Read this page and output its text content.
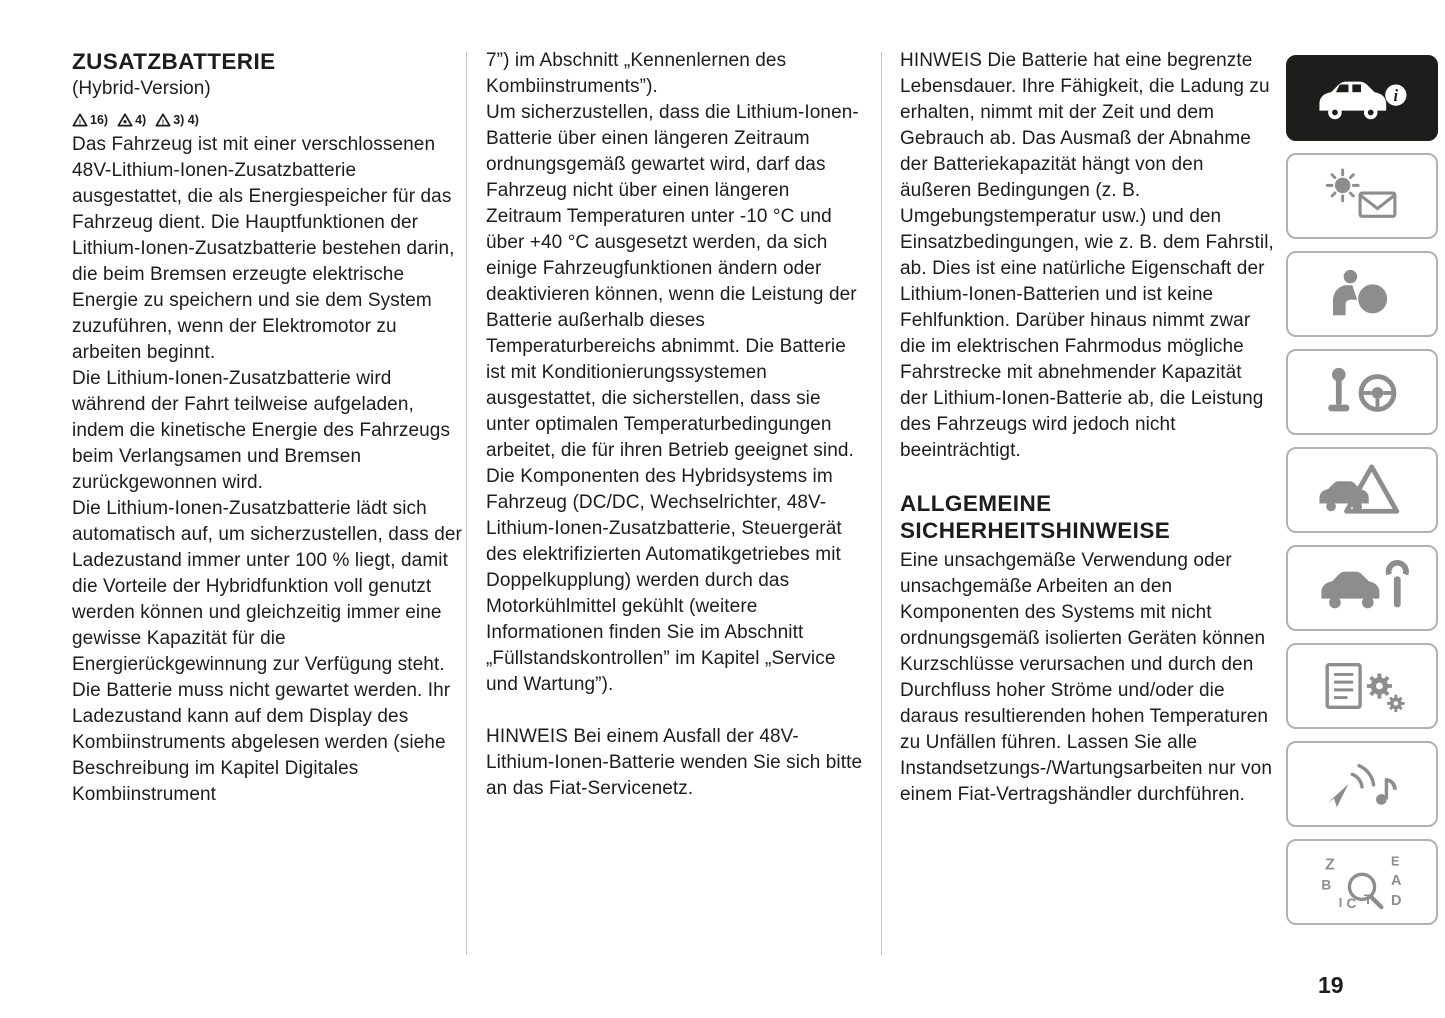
ZUSATZBATTERIE

(Hybrid-Version)

! 16) 4) ! 3) 4)

Das Fahrzeug ist mit einer verschlossenen 48V-Lithium-Ionen-Zusatzbatterie ausgestattet, die als Energiespeicher für das Fahrzeug dient. Die Hauptfunktionen der Lithium-Ionen-Zusatzbatterie bestehen darin, die beim Bremsen erzeugte elektrische Energie zu speichern und sie dem System zuzuführen, wenn der Elektromotor zu arbeiten beginnt.

Die Lithium-Ionen-Zusatzbatterie wird während der Fahrt teilweise aufgeladen, indem die kinetische Energie des Fahrzeugs beim Verlangsamen und Bremsen zurückgewonnen wird.

Die Lithium-Ionen-Zusatzbatterie lädt sich automatisch auf, um sicherzustellen, dass der Ladezustand immer unter 100 % liegt, damit die Vorteile der Hybridfunktion voll genutzt werden können und gleichzeitig immer eine gewisse Kapazität für die Energierückgewinnung zur Verfügung steht.

Die Batterie muss nicht gewartet werden. Ihr Ladezustand kann auf dem Display des Kombiinstruments abgelesen werden (siehe Beschreibung im Kapitel Digitales Kombiinstrument

7”) im Abschnitt „Kennenlernen des Kombiinstruments”).

Um sicherzustellen, dass die Lithium-Ionen-Batterie über einen längeren Zeitraum ordnungsgemäß gewartet wird, darf das Fahrzeug nicht über einen längeren Zeitraum Temperaturen unter -10 °C und über +40 °C ausgesetzt werden, da sich einige Fahrzeugfunktionen ändern oder deaktivieren können, wenn die Leistung der Batterie außerhalb dieses Temperaturbereichs abnimmt. Die Batterie ist mit Konditionierungssystemen ausgestattet, die sicherstellen, dass sie unter optimalen Temperaturbedingungen arbeitet, die für ihren Betrieb geeignet sind.

Die Komponenten des Hybridsystems im Fahrzeug (DC/DC, Wechselrichter, 48V-Lithium-Ionen-Zusatzbatterie, Steuergerät des elektrifizierten Automatikgetriebes mit Doppelkupplung) werden durch das Motorkühlmittel gekühlt (weitere Informationen finden Sie im Abschnitt „Füllstandskontrollen” im Kapitel „Service und Wartung”).

HINWEIS Bei einem Ausfall der 48V-Lithium-Ionen-Batterie wenden Sie sich bitte an das Fiat-Servicenetz.

HINWEIS Die Batterie hat eine begrenzte Lebensdauer. Ihre Fähigkeit, die Ladung zu erhalten, nimmt mit der Zeit und dem Gebrauch ab. Das Ausmaß der Abnahme der Batteriekapazität hängt von den äußeren Bedingungen (z. B. Umgebungstemperatur usw.) und den Einsatzbedingungen, wie z. B. dem Fahrstil, ab. Dies ist eine natürliche Eigenschaft der Lithium-Ionen-Batterien und ist keine Fehlfunktion. Darüber hinaus nimmt zwar die im elektrischen Fahrmodus mögliche Fahrstrecke mit abnehmender Kapazität der Lithium-Ionen-Batterie ab, die Leistung des Fahrzeugs wird jedoch nicht beeinträchtigt.

ALLGEMEINE SICHERHEITSHINWEISE

Eine unsachgemäße Verwendung oder unsachgemäße Arbeiten an den Komponenten des Systems mit nicht ordnungsgemäß isolierten Geräten können Kurzschlüsse verursachen und durch den Durchfluss hoher Ströme und/oder die daraus resultierenden hohen Temperaturen zu Unfällen führen. Lassen Sie alle Instandsetzungs-/Wartungsarbeiten nur von einem Fiat-Vertragshändler durchführen.

i
Z	E
B	A
I C D
T
19
